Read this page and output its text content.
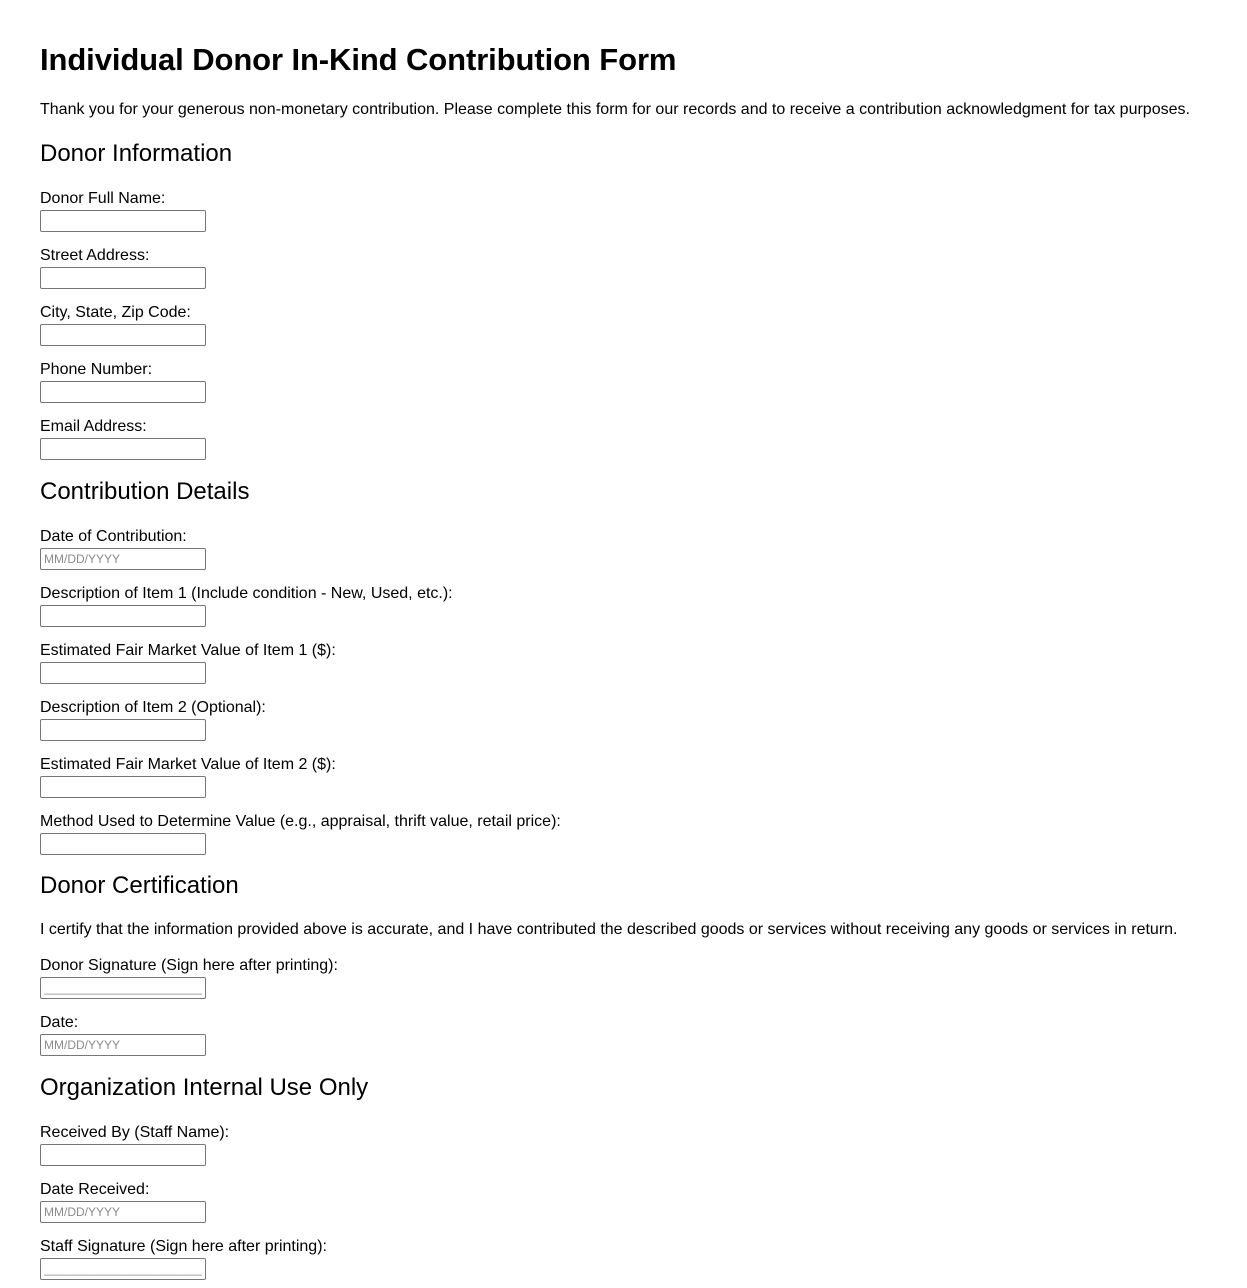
Individual Donor In-Kind Contribution Form

Thank you for your generous non-monetary contribution. Please complete this form for our records and to receive a contribution acknowledgment for tax purposes.

Donor Information
Donor Full Name:
Street Address:
City, State, Zip Code:
Phone Number:
Email Address:
Contribution Details
Date of Contribution:
MM/DD/YYYY
Description of Item 1 (Include condition - New, Used, etc.):
Estimated Fair Market Value of Item 1 ($):
Description of Item 2 (Optional):
Estimated Fair Market Value of Item 2 ($):
Method Used to Determine Value (e.g., appraisal, thrift value, retail price):
Donor Certification

I certify that the information provided above is accurate, and I have contributed the described goods or services without receiving any goods or services in return.

Donor Signature (Sign here after printing):
_______________________________
Date:
MM/DD/YYYY
Organization Internal Use Only
Received By (Staff Name):
Date Received:
MM/DD/YYYY
Staff Signature (Sign here after printing):
_______________________________
